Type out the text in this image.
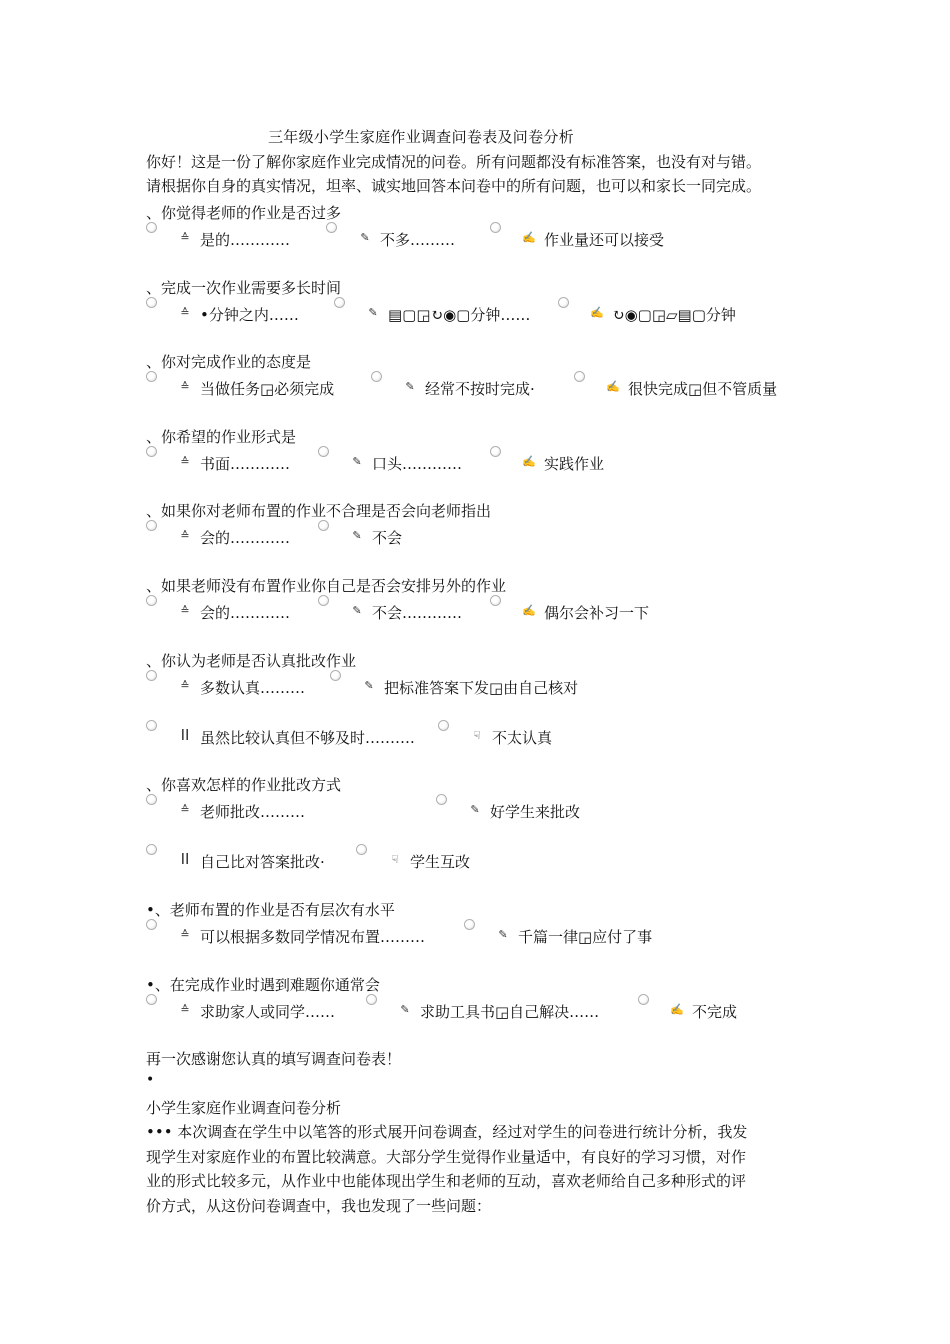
三年级小学生家庭作业调查问卷表及问卷分析
你好！这是一份了解你家庭作业完成情况的问卷。所有问题都没有标准答案，也没有对与错。
请根据你自身的真实情况，坦率、诚实地回答本问卷中的所有问题，也可以和家长一同完成。
、你觉得老师的作业是否过多
≙ 是的…………	✎ 不多………	✍ 作业量还可以接受
、完成一次作业需要多长时间
≙ •分钟之内……	✎ ▤▢◲↻◉▢分钟……	✍ ↻◉▢◲▱▤▢分钟
、你对完成作业的态度是
≙ 当做任务◲必须完成	✎ 经常不按时完成·	✍ 很快完成◲但不管质量
、你希望的作业形式是
≙ 书面…………	✎ 口头…………	✍ 实践作业
、如果你对老师布置的作业不合理是否会向老师指出
≙ 会的…………	✎ 不会
、如果老师没有布置作业你自己是否会安排另外的作业
≙ 会的…………	✎ 不会…………	✍ 偶尔会补习一下
、你认为老师是否认真批改作业
≙ 多数认真………	✎ 把标准答案下发◲由自己核对
ⅠⅠ 虽然比较认真但不够及时……….	☟ 不太认真
、你喜欢怎样的作业批改方式
≙ 老师批改………	✎ 好学生来批改
ⅠⅠ 自己比对答案批改·	☟ 学生互改
•、老师布置的作业是否有层次有水平
≙ 可以根据多数同学情况布置………	✎ 千篇一律◲应付了事
•、在完成作业时遇到难题你通常会
≙ 求助家人或同学……	✎ 求助工具书◲自己解决……	✍ 不完成
再一次感谢您认真的填写调查问卷表！
•
小学生家庭作业调查问卷分析
••• 本次调查在学生中以笔答的形式展开问卷调查，经过对学生的问卷进行统计分析，我发
现学生对家庭作业的布置比较满意。大部分学生觉得作业量适中，有良好的学习习惯，对作
业的形式比较多元，从作业中也能体现出学生和老师的互动，喜欢老师给自己多种形式的评
价方式，从这份问卷调查中，我也发现了一些问题：
